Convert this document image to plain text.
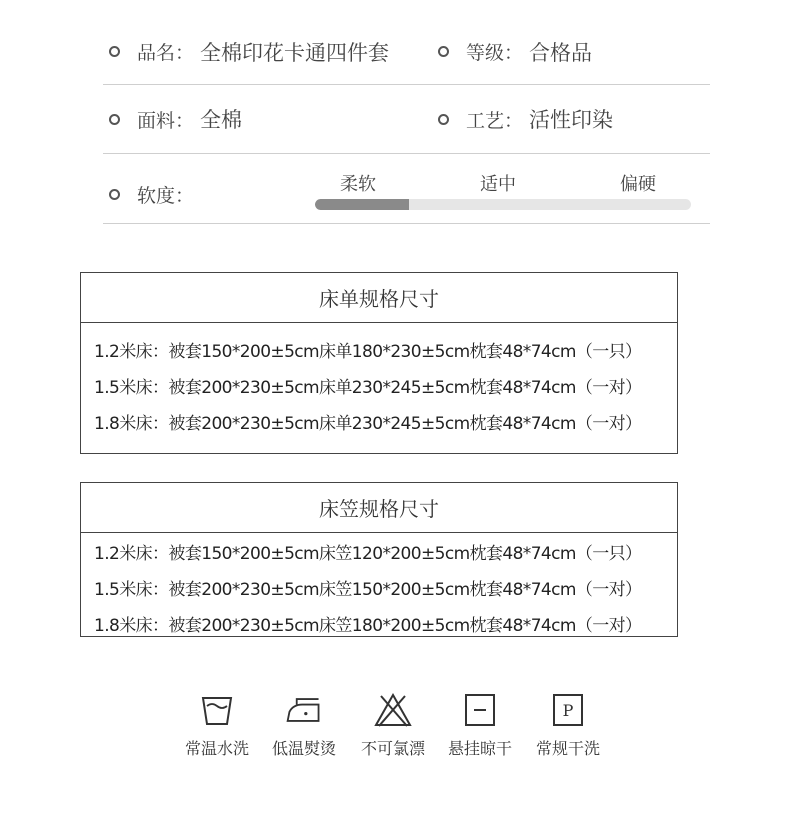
品名： 全棉印花卡通四件套	等级： 合格品
面料： 全棉	工艺： 活性印染
软度：	柔软	适中	偏硬
床单规格尺寸
1.2米床：被套150*200±5cm床单180*230±5cm枕套48*74cm（一只）
1.5米床：被套200*230±5cm床单230*245±5cm枕套48*74cm（一对）
1.8米床：被套200*230±5cm床单230*245±5cm枕套48*74cm（一对）
床笠规格尺寸
1.2米床：被套150*200±5cm床笠120*200±5cm枕套48*74cm（一只）
1.5米床：被套200*230±5cm床笠150*200±5cm枕套48*74cm（一对）
1.8米床：被套200*230±5cm床笠180*200±5cm枕套48*74cm（一对）
常温水洗	低温熨烫	不可氯漂	悬挂晾干
P
常规干洗
